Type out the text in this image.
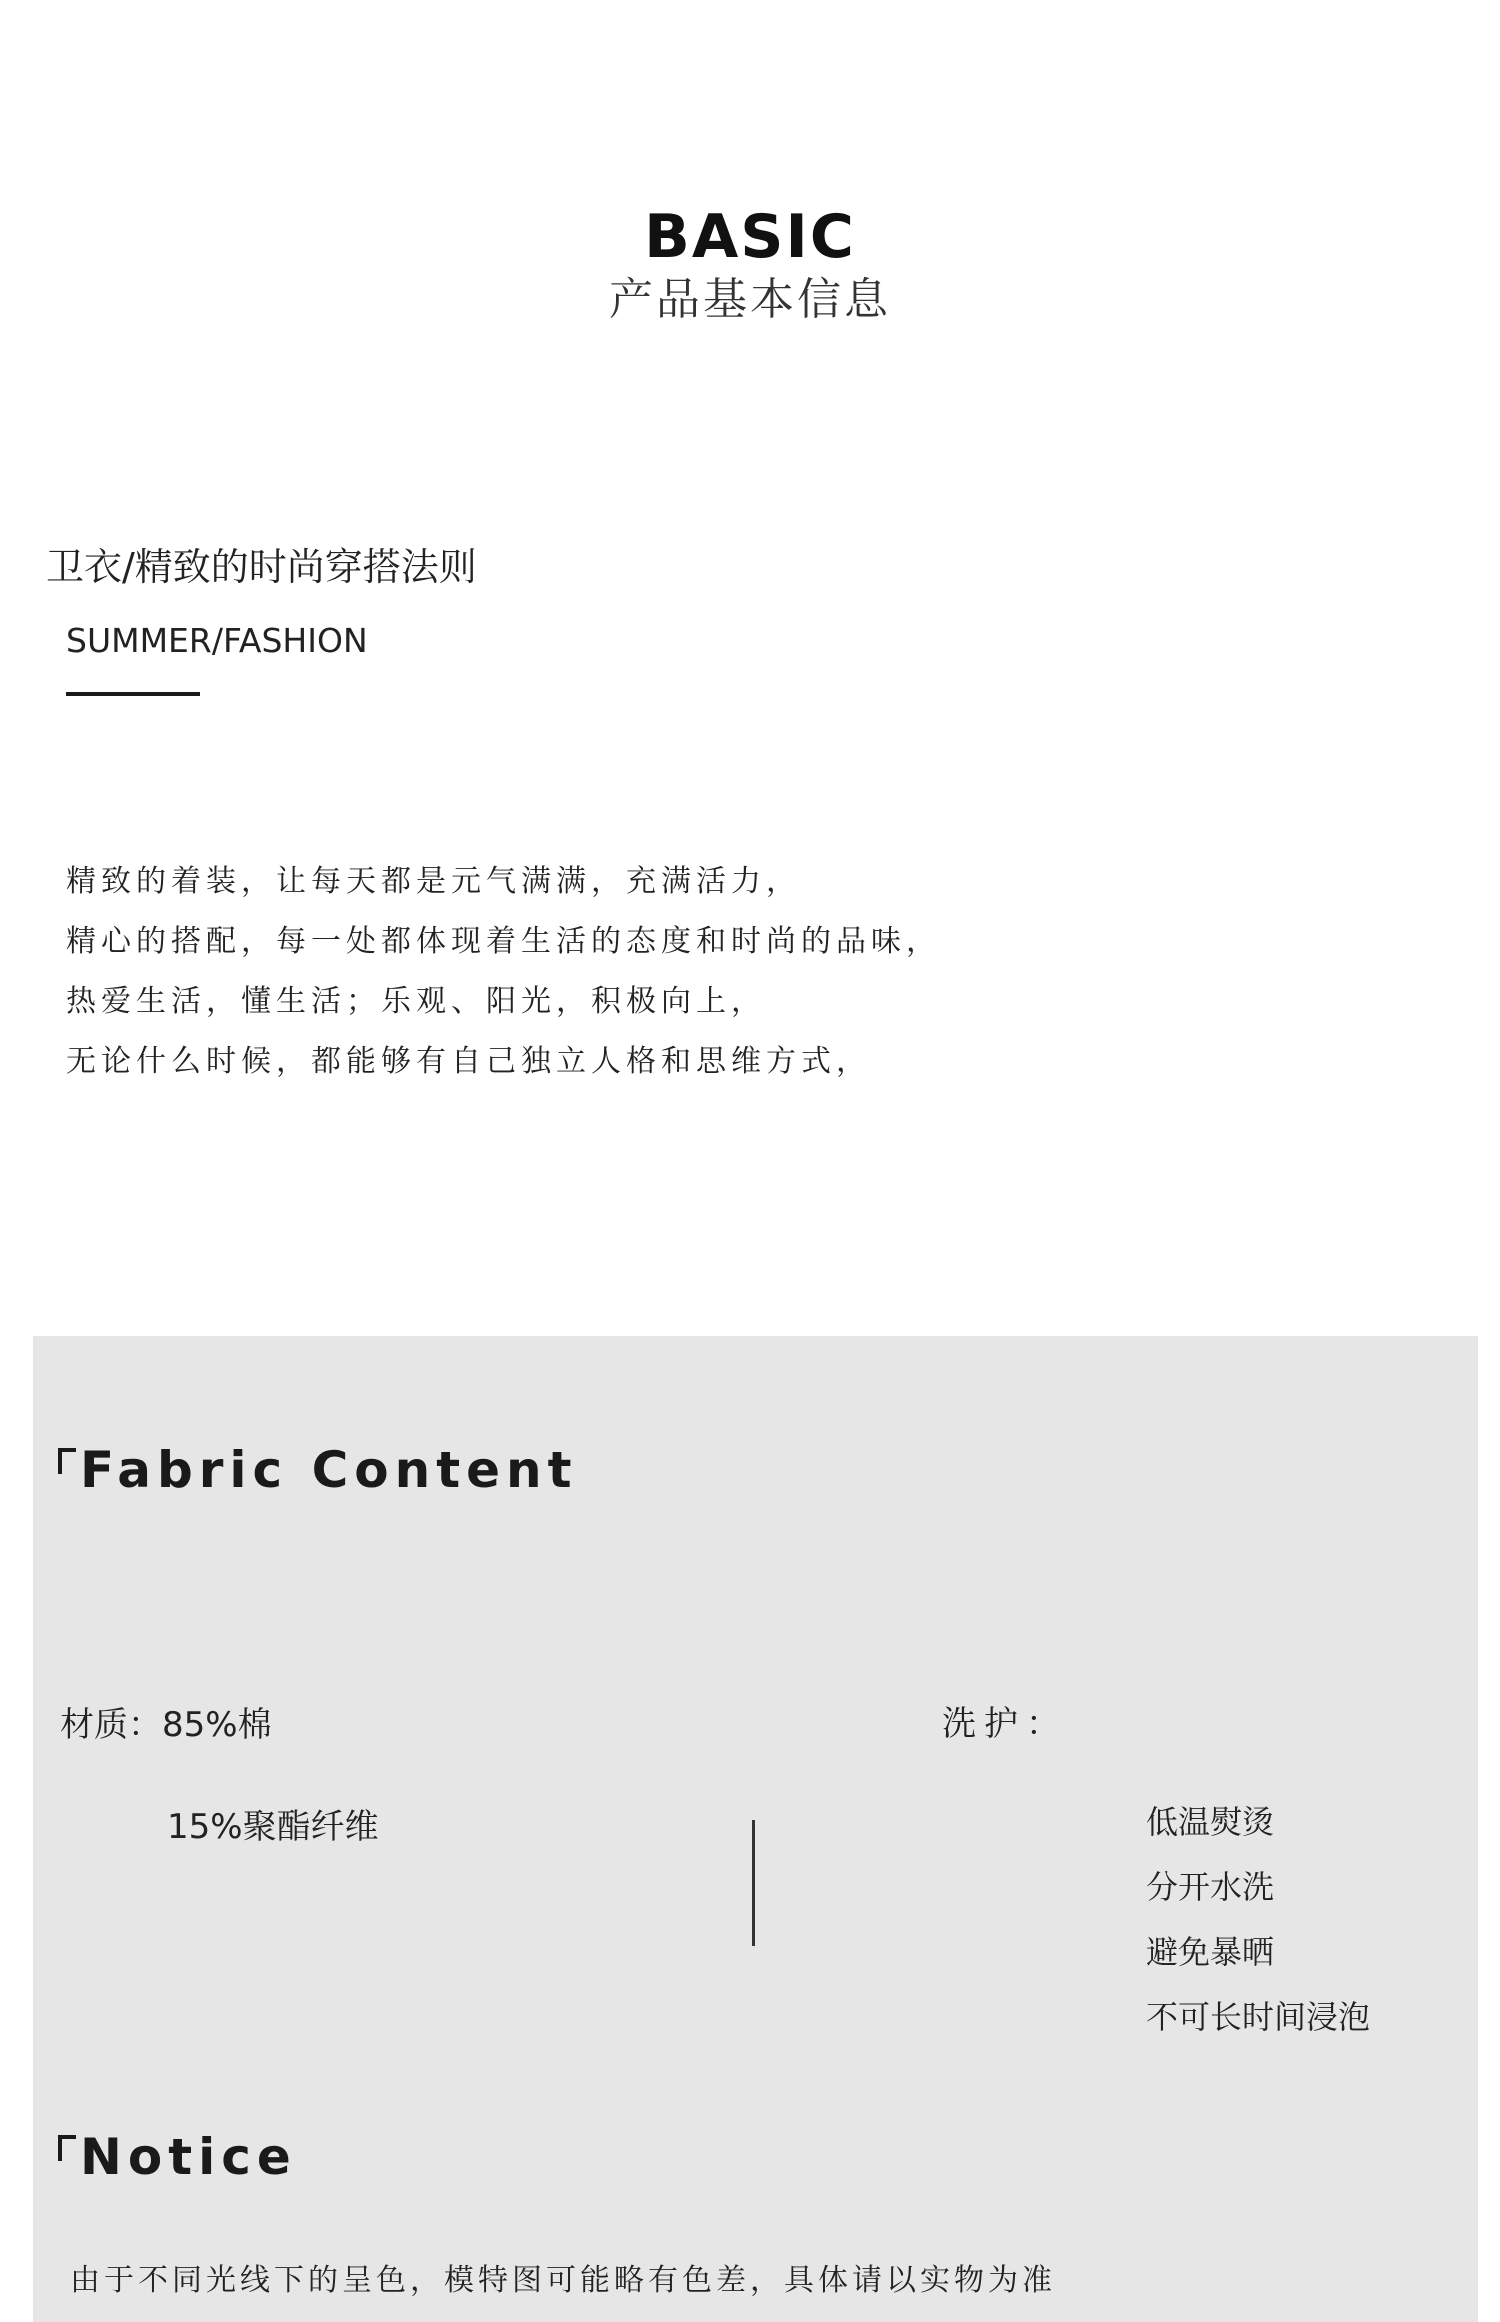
BASIC
产品基本信息
卫衣/精致的时尚穿搭法则
SUMMER/FASHION
精致的着装，让每天都是元气满满，充满活力，
精心的搭配，每一处都体现着生活的态度和时尚的品味，
热爱生活，懂生活；乐观、阳光，积极向上，
无论什么时候，都能够有自己独立人格和思维方式，
Fabric Content
材质：85%棉
15%聚酯纤维
洗护：
低温熨烫
分开水洗
避免暴晒
不可长时间浸泡
Notice
由于不同光线下的呈色，模特图可能略有色差，具体请以实物为准
